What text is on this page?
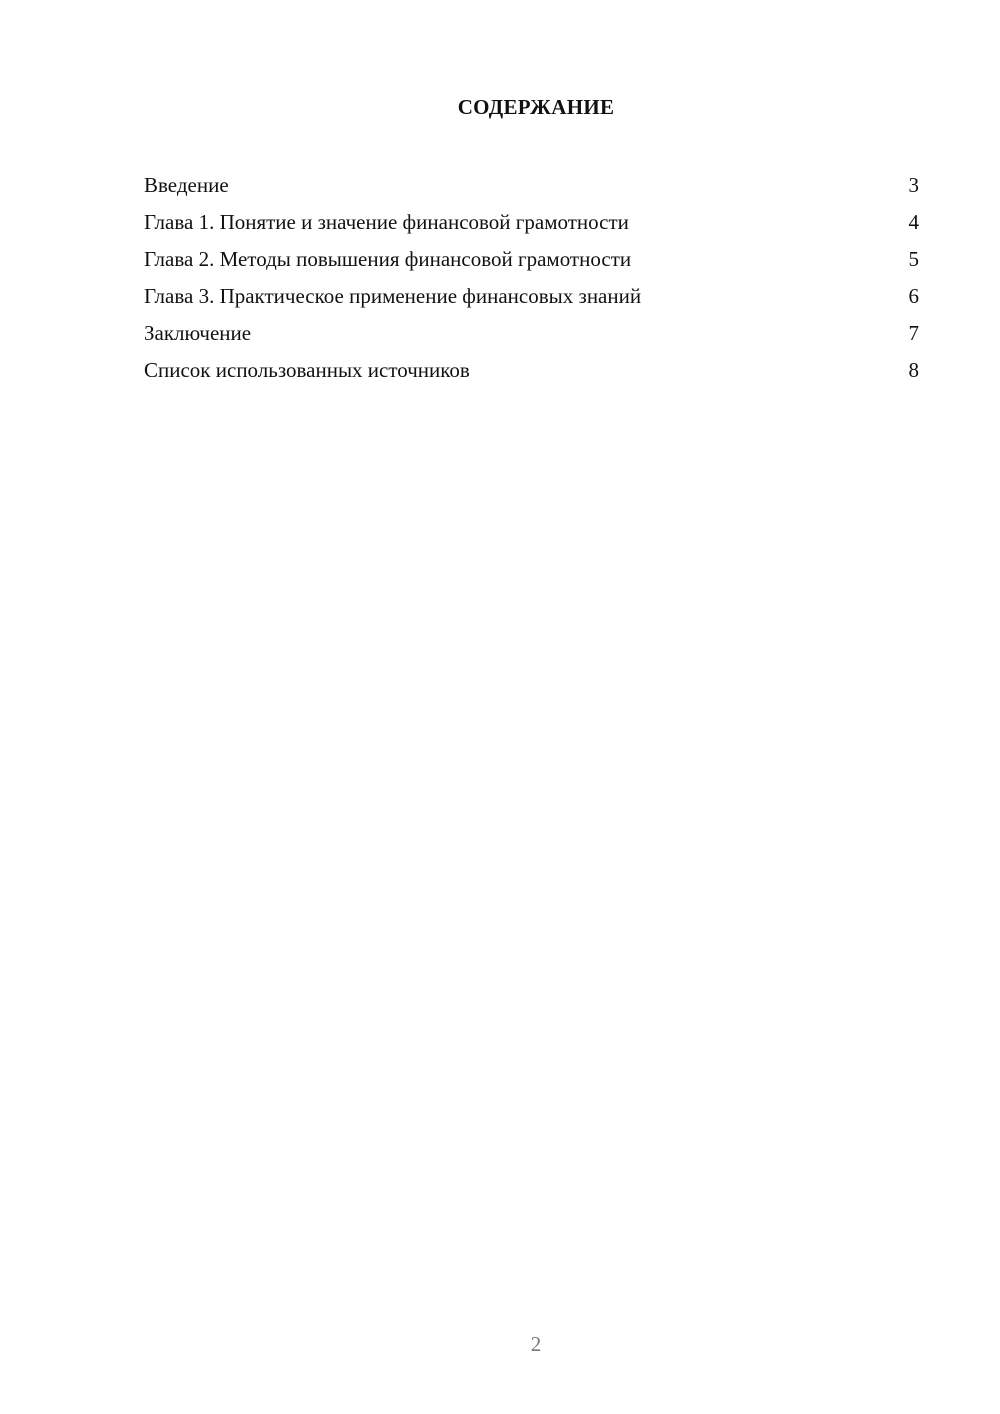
СОДЕРЖАНИЕ
Введение	3
Глава 1. Понятие и значение финансовой грамотности	4
Глава 2. Методы повышения финансовой грамотности	5
Глава 3. Практическое применение финансовых знаний	6
Заключение	7
Список использованных источников	8
2
